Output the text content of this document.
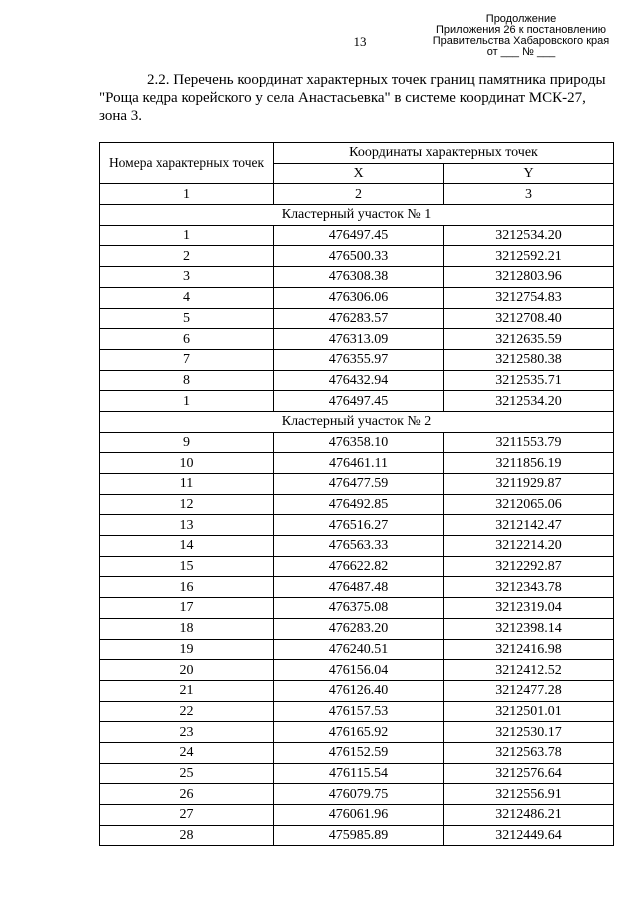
13
Продолжение
Приложения 26 к постановлению
Правительства Хабаровского края
от ___ № ___
2.2. Перечень координат характерных точек границ памятника природы
"Роща кедра корейского у села Анастасьевка" в системе координат МСК-27,
зона 3.
Номера характерных точек	Координаты характерных точек	
	X	Y
1	2	3
Кластерный участок № 1		
1	476497.45	3212534.20
2	476500.33	3212592.21
3	476308.38	3212803.96
4	476306.06	3212754.83
5	476283.57	3212708.40
6	476313.09	3212635.59
7	476355.97	3212580.38
8	476432.94	3212535.71
1	476497.45	3212534.20
Кластерный участок № 2		
9	476358.10	3211553.79
10	476461.11	3211856.19
11	476477.59	3211929.87
12	476492.85	3212065.06
13	476516.27	3212142.47
14	476563.33	3212214.20
15	476622.82	3212292.87
16	476487.48	3212343.78
17	476375.08	3212319.04
18	476283.20	3212398.14
19	476240.51	3212416.98
20	476156.04	3212412.52
21	476126.40	3212477.28
22	476157.53	3212501.01
23	476165.92	3212530.17
24	476152.59	3212563.78
25	476115.54	3212576.64
26	476079.75	3212556.91
27	476061.96	3212486.21
28	475985.89	3212449.64
